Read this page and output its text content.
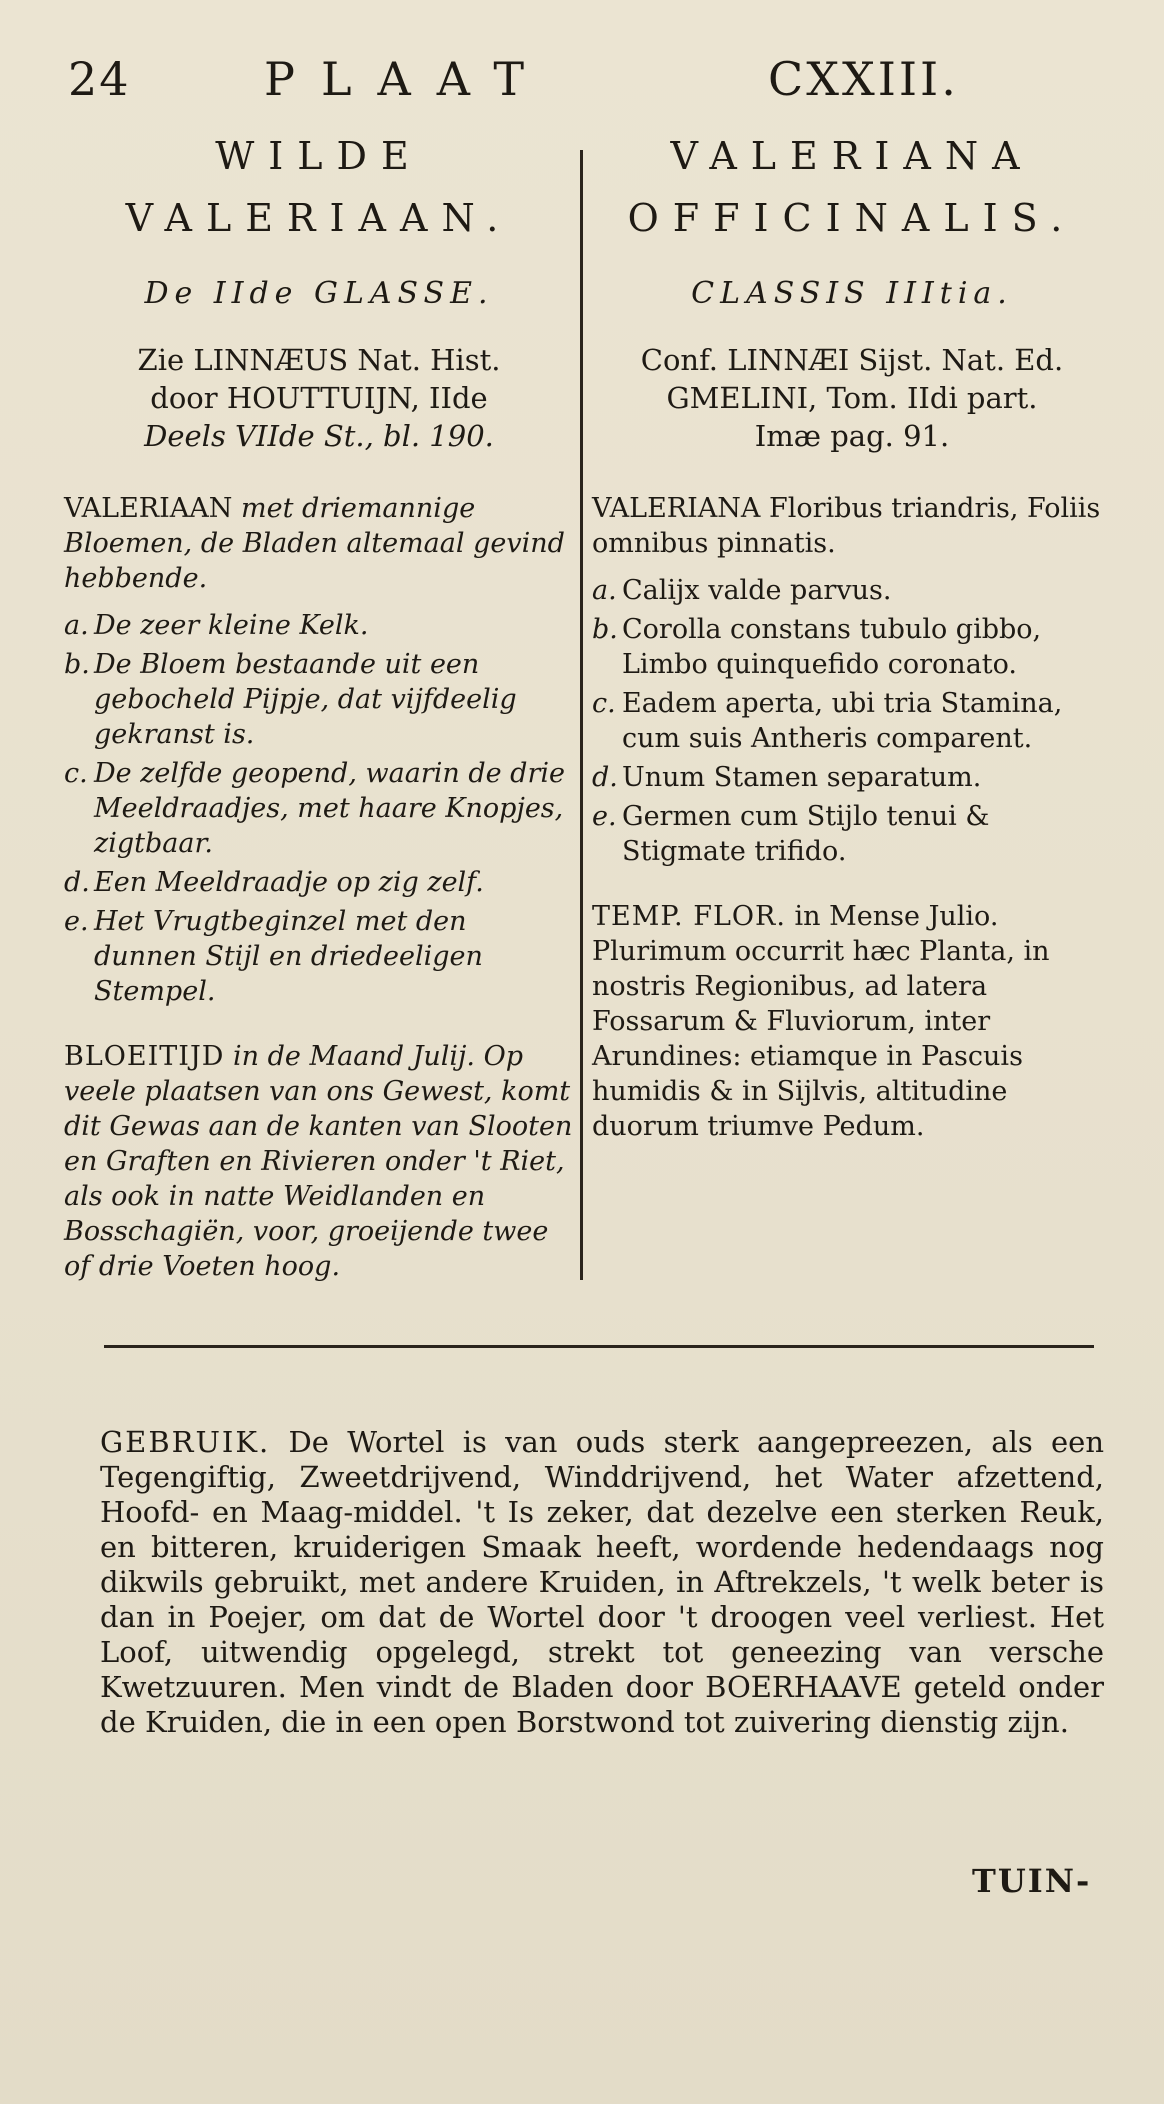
24	PLAAT	CXXIII.
WILDE
VALERIAAN.
De IIde GLASSE.
Zie LINNÆUS Nat. Hist.
door HOUTTUIJN, IIde
Deels VIIde St., bl. 190.
VALERIAAN met driemannige Bloemen, de Bladen altemaal gevind hebbende.
a. De zeer kleine Kelk.
b. De Bloem bestaande uit een gebocheld Pijpje, dat vijfdeelig gekranst is.
c. De zelfde geopend, waarin de drie Meeldraadjes, met haare Knopjes, zigtbaar.
d. Een Meeldraadje op zig zelf.
e. Het Vrugtbeginzel met den dunnen Stijl en driedeeligen Stempel.
BLOEITIJD in de Maand Julij. Op veele plaatsen van ons Gewest, komt dit Gewas aan de kanten van Slooten en Graften en Rivieren onder 't Riet, als ook in natte Weidlanden en Bosschagiën, voor, groeijende twee of drie Voeten hoog.
VALERIANA
OFFICINALIS.
CLASSIS IIItia.
Conf. LINNÆI Sijst. Nat. Ed.
GMELINI, Tom. IIdi part.
Imæ pag. 91.
VALERIANA Floribus triandris, Foliis omnibus pinnatis.
a. Calijx valde parvus.
b. Corolla constans tubulo gibbo, Limbo quinquefido coronato.
c. Eadem aperta, ubi tria Stamina, cum suis Antheris comparent.
d. Unum Stamen separatum.
e. Germen cum Stijlo tenui & Stigmate trifido.
TEMP. FLOR. in Mense Julio. Plurimum occurrit hæc Planta, in nostris Regionibus, ad latera Fossarum & Fluviorum, inter Arundines: etiamque in Pascuis humidis & in Sijlvis, altitudine duorum triumve Pedum.
GEBRUIK. De Wortel is van ouds sterk aangepreezen, als een Tegengiftig, Zweetdrijvend, Winddrijvend, het Water afzettend, Hoofd- en Maag-middel. 't Is zeker, dat dezelve een sterken Reuk, en bitteren, kruiderigen Smaak heeft, wordende hedendaags nog dikwils gebruikt, met andere Kruiden, in Aftrekzels, 't welk beter is dan in Poejer, om dat de Wortel door 't droogen veel verliest. Het Loof, uitwendig opgelegd, strekt tot geneezing van versche Kwetzuuren. Men vindt de Bladen door BOERHAAVE geteld onder de Kruiden, die in een open Borstwond tot zuivering dienstig zijn.
TUIN-
